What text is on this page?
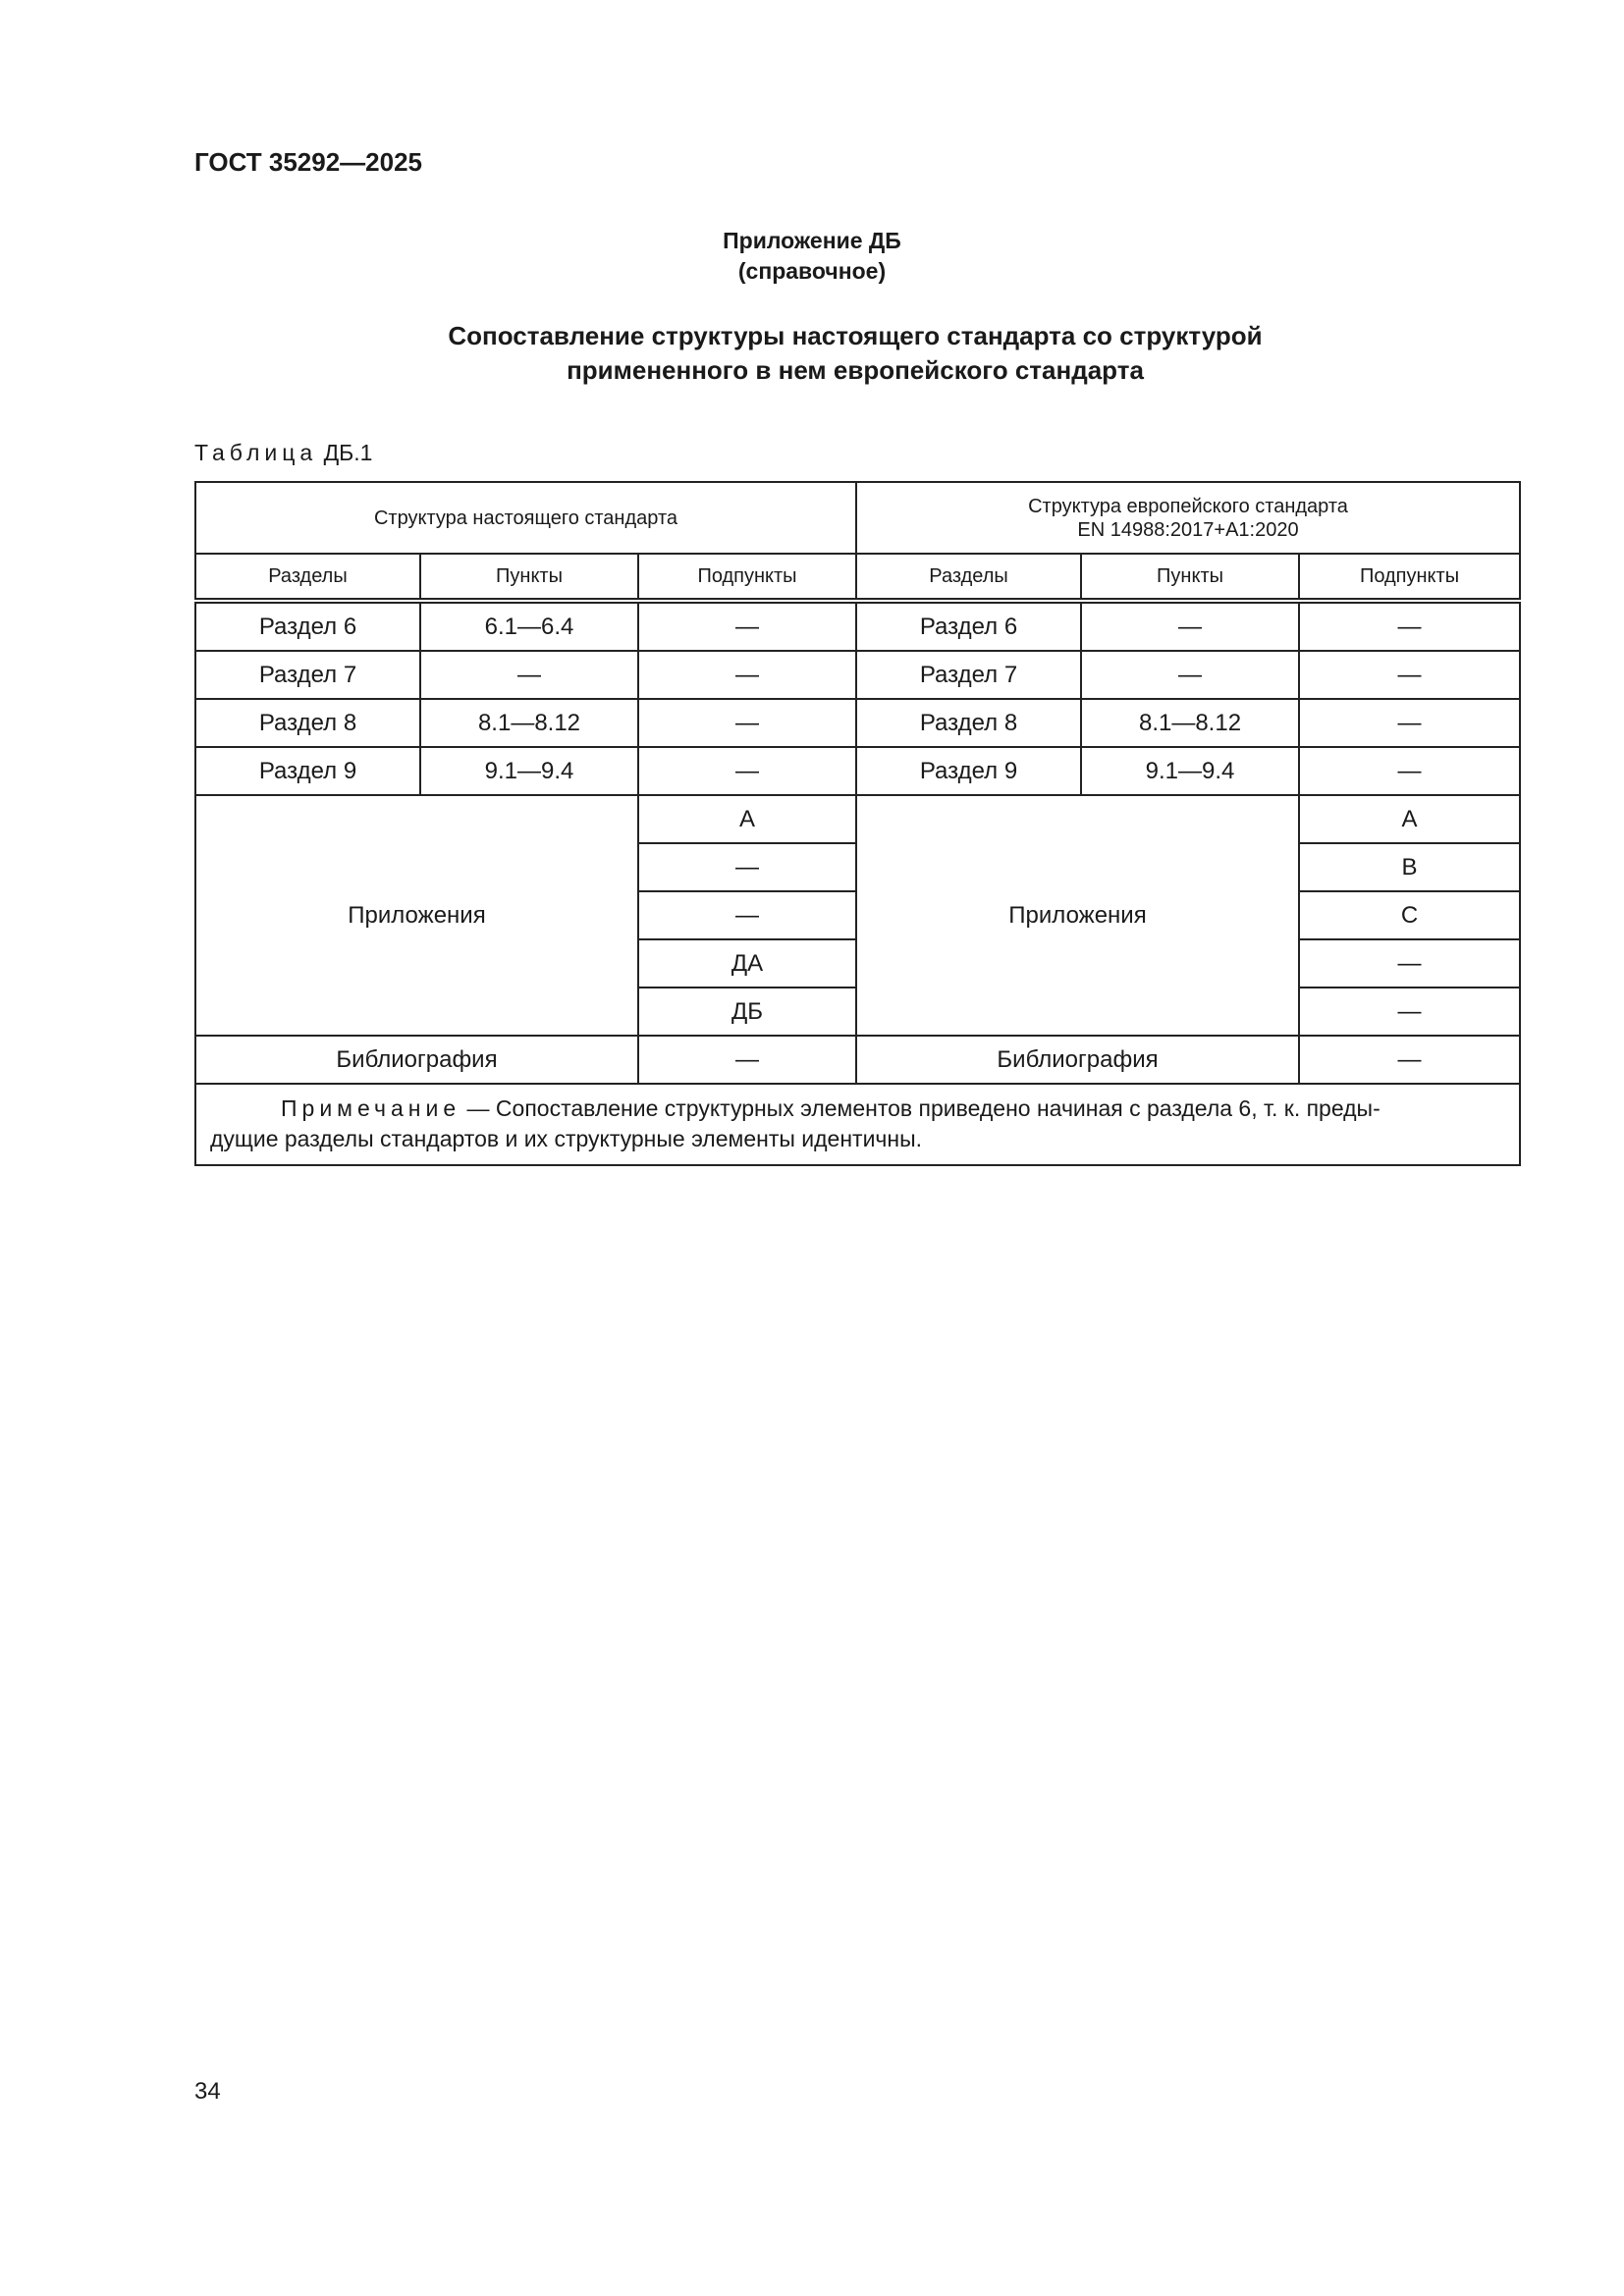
ГОСТ 35292—2025
Приложение ДБ
(справочное)
Сопоставление структуры настоящего стандарта со структурой
примененного в нем европейского стандарта
Таблица ДБ.1
Структура настоящего стандарта			Структура европейского стандарта
EN 14988:2017+A1:2020		
Разделы	Пункты	Подпункты	Разделы	Пункты	Подпункты
Раздел 6	6.1—6.4	—	Раздел 6	—	—
Раздел 7	—	—	Раздел 7	—	—
Раздел 8	8.1—8.12	—	Раздел 8	8.1—8.12	—
Раздел 9	9.1—9.4	—	Раздел 9	9.1—9.4	—
Приложения		A	Приложения		A
		—			B
		—			C
		ДА			—
		ДБ			—
Библиография		—	Библиография		—
Примечание — Сопоставление структурных элементов приведено начиная с раздела 6, т. к. преды-
дущие разделы стандартов и их структурные элементы идентичны.					
34
